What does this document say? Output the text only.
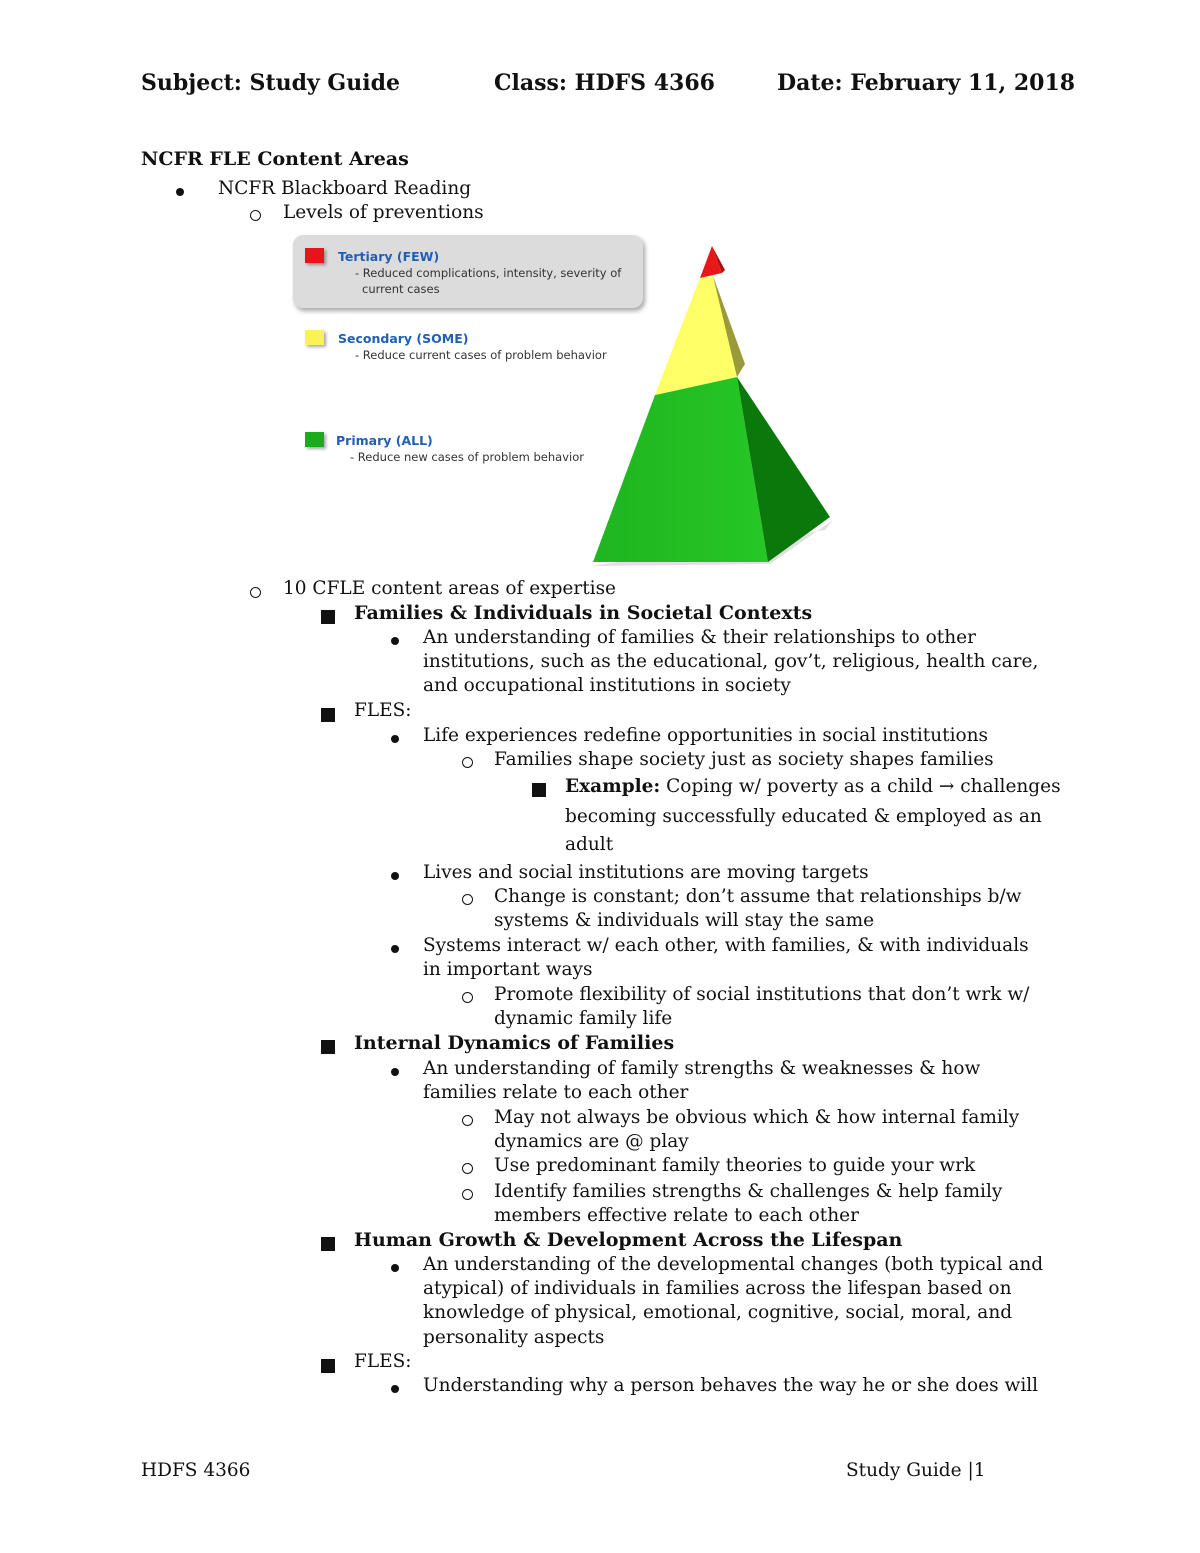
Subject: Study Guide	Class: HDFS 4366	Date: February 11, 2018
NCFR FLE Content Areas
NCFR Blackboard Reading
Levels of preventions
Tertiary (FEW)
- Reduced complications, intensity, severity of
current cases
Secondary (SOME)
- Reduce current cases of problem behavior
Primary (ALL)
- Reduce new cases of problem behavior
10 CFLE content areas of expertise
Families & Individuals in Societal Contexts
An understanding of families & their relationships to other
institutions, such as the educational, gov’t, religious, health care,
and occupational institutions in society
FLES:
Life experiences redefine opportunities in social institutions
Families shape society just as society shapes families
Example: Coping w/ poverty as a child → challenges
becoming successfully educated & employed as an
adult
Lives and social institutions are moving targets
Change is constant; don’t assume that relationships b/w
systems & individuals will stay the same
Systems interact w/ each other, with families, & with individuals
in important ways
Promote flexibility of social institutions that don’t wrk w/
dynamic family life
Internal Dynamics of Families
An understanding of family strengths & weaknesses & how
families relate to each other
May not always be obvious which & how internal family
dynamics are @ play
Use predominant family theories to guide your wrk
Identify families strengths & challenges & help family
members effective relate to each other
Human Growth & Development Across the Lifespan
An understanding of the developmental changes (both typical and
atypical) of individuals in families across the lifespan based on
knowledge of physical, emotional, cognitive, social, moral, and
personality aspects
FLES:
Understanding why a person behaves the way he or she does will
HDFS 4366	Study Guide |1
